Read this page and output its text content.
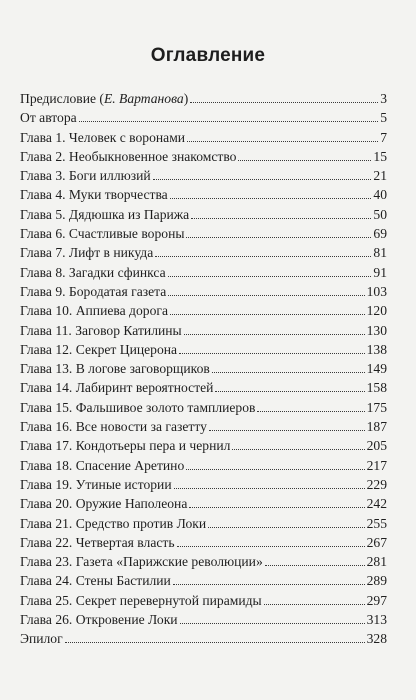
Оглавление
Предисловие (Е. Вартанова)	3
От автора	5
Глава 1. Человек с воронами	7
Глава 2. Необыкновенное знакомство	15
Глава 3. Боги иллюзий	21
Глава 4. Муки творчества	40
Глава 5. Дядюшка из Парижа	50
Глава 6. Счастливые вороны	69
Глава 7. Лифт в никуда	81
Глава 8. Загадки сфинкса	91
Глава 9. Бородатая газета	103
Глава 10. Аппиева дорога	120
Глава 11. Заговор Катилины	130
Глава 12. Секрет Цицерона	138
Глава 13. В логове заговорщиков	149
Глава 14. Лабиринт вероятностей	158
Глава 15. Фальшивое золото тамплиеров	175
Глава 16. Все новости за газетту	187
Глава 17. Кондотьеры пера и чернил	205
Глава 18. Спасение Аретино	217
Глава 19. Утиные истории	229
Глава 20. Оружие Наполеона	242
Глава 21. Средство против Локи	255
Глава 22. Четвертая власть	267
Глава 23. Газета «Парижские революции»	281
Глава 24. Стены Бастилии	289
Глава 25. Секрет перевернутой пирамиды	297
Глава 26. Откровение Локи	313
Эпилог	328
